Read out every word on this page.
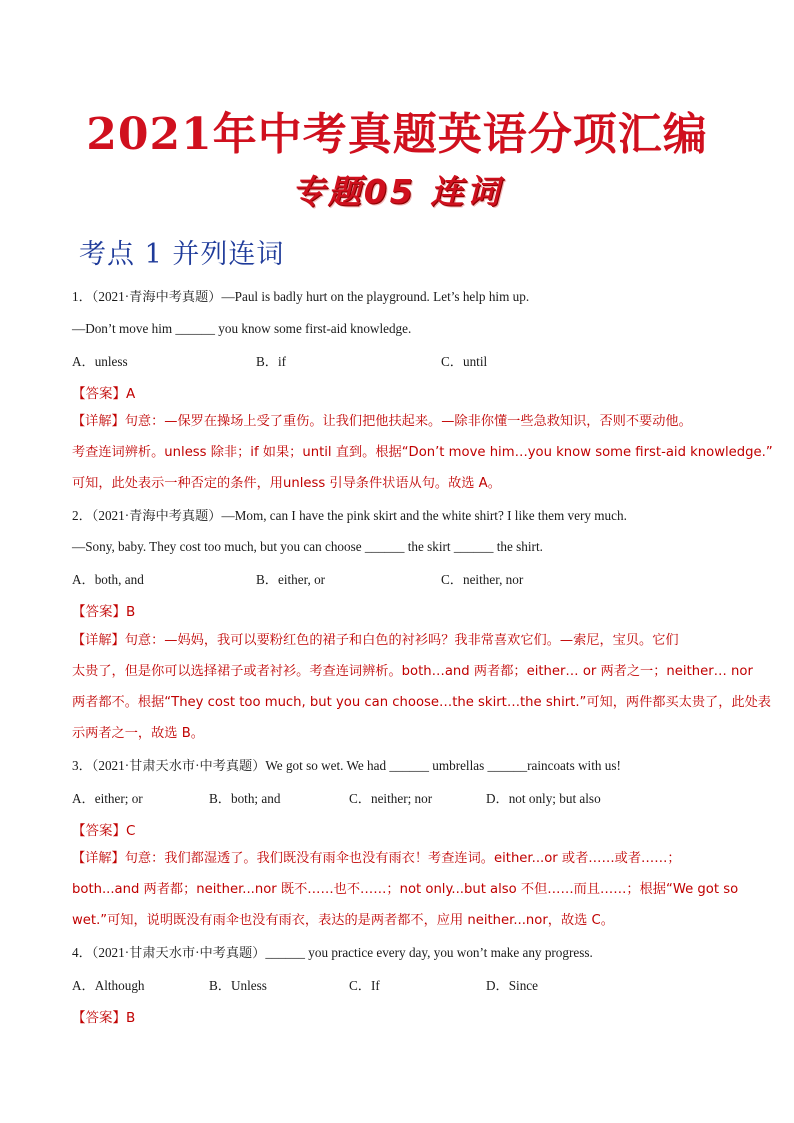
2021年中考真题英语分项汇编
专题05 连词
考点 1 并列连词
1．（2021·青海中考真题）—Paul is badly hurt on the playground. Let’s help him up.
—Don’t move him ______ you know some first-aid knowledge.
A．unless	B．if	C．until
【答案】A
【详解】句意：—保罗在操场上受了重伤。让我们把他扶起来。—除非你懂一些急救知识，否则不要动他。
考查连词辨析。unless 除非；if 如果；until 直到。根据“Don’t move him…you know some first-aid knowledge.”
可知，此处表示一种否定的条件，用unless 引导条件状语从句。故选 A。
2．（2021·青海中考真题）—Mom, can I have the pink skirt and the white shirt? I like them very much.
—Sony, baby. They cost too much, but you can choose ______ the skirt ______ the shirt.
A．both, and	B．either, or	C．neither, nor
【答案】B
【详解】句意：—妈妈，我可以要粉红色的裙子和白色的衬衫吗？我非常喜欢它们。—索尼，宝贝。它们
太贵了，但是你可以选择裙子或者衬衫。考查连词辨析。both…and 两者都；either… or 两者之一；neither… nor
两者都不。根据“They cost too much, but you can choose…the skirt…the shirt.”可知，两件都买太贵了，此处表
示两者之一，故选 B。
3．（2021·甘肃天水市·中考真题）We got so wet. We had ______ umbrellas ______raincoats with us!
A．either; or	B．both; and	C．neither; nor	D．not only; but also
【答案】C
【详解】句意：我们都湿透了。我们既没有雨伞也没有雨衣！考查连词。either...or 或者……或者……；
both...and 两者都；neither...nor 既不……也不……；not only...but also 不但……而且……；根据“We got so
wet.”可知，说明既没有雨伞也没有雨衣，表达的是两者都不，应用 neither...nor，故选 C。
4．（2021·甘肃天水市·中考真题）______ you practice every day, you won’t make any progress.
A．Although	B．Unless	C．If	D．Since
【答案】B
